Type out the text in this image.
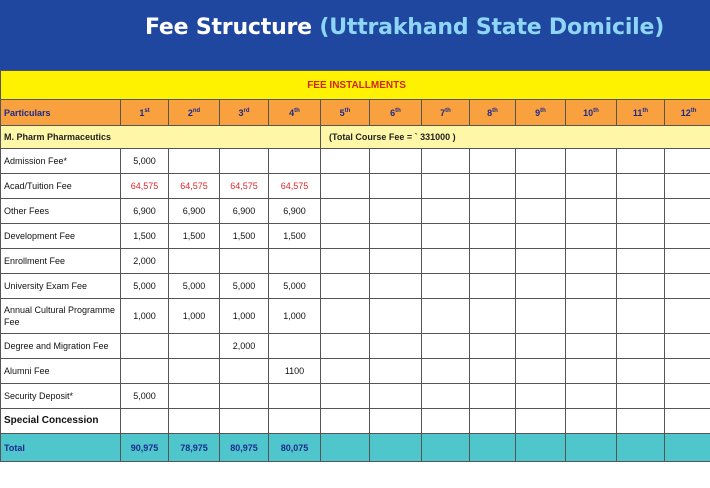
Fee Structure (Uttrakhand State Domicile)
FEE INSTALLMENTS												
Particulars	1st	2nd	3rd	4th	5th	6th	7th	8th	9th	10th	11th	12th
M. Pharm Pharmaceutics					(Total Course Fee = ` 331000 )							
Admission Fee*	5,000											
Acad/Tuition Fee	64,575	64,575	64,575	64,575								
Other Fees	6,900	6,900	6,900	6,900								
Development Fee	1,500	1,500	1,500	1,500								
Enrollment Fee	2,000											
University Exam Fee	5,000	5,000	5,000	5,000								
Annual Cultural Programme Fee	1,000	1,000	1,000	1,000								
Degree and Migration Fee			2,000									
Alumni Fee				1100								
Security Deposit*	5,000											
Special Concession												
Total	90,975	78,975	80,975	80,075								
